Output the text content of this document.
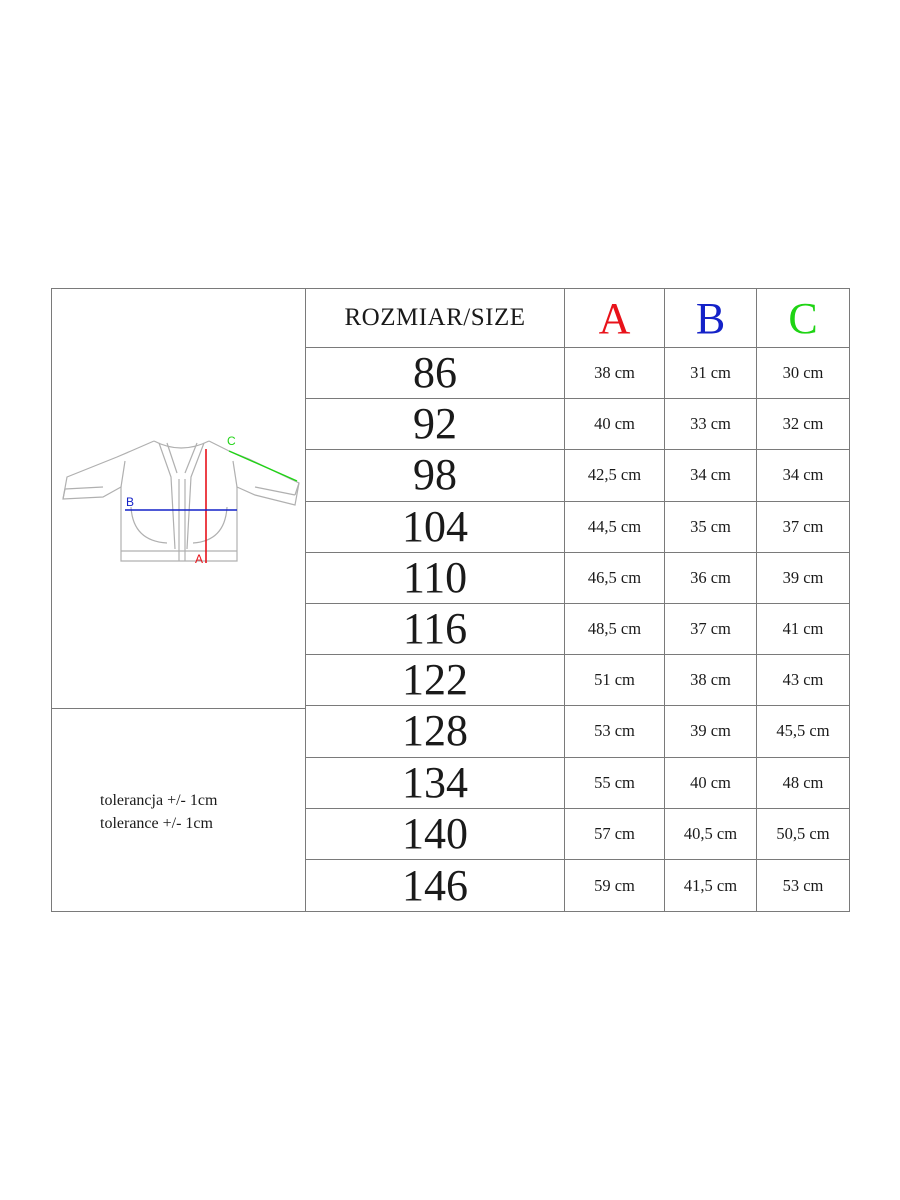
A
B
C
tolerancja +/- 1cm
tolerance +/- 1cm
ROZMIAR/SIZE	A	B	C
86	38 cm	31 cm	30 cm
92	40 cm	33 cm	32 cm
98	42,5 cm	34 cm	34 cm
104	44,5 cm	35 cm	37 cm
110	46,5 cm	36 cm	39 cm
116	48,5 cm	37 cm	41 cm
122	51 cm	38 cm	43 cm
128	53 cm	39 cm	45,5 cm
134	55 cm	40 cm	48 cm
140	57 cm	40,5 cm	50,5 cm
146	59 cm	41,5 cm	53 cm
